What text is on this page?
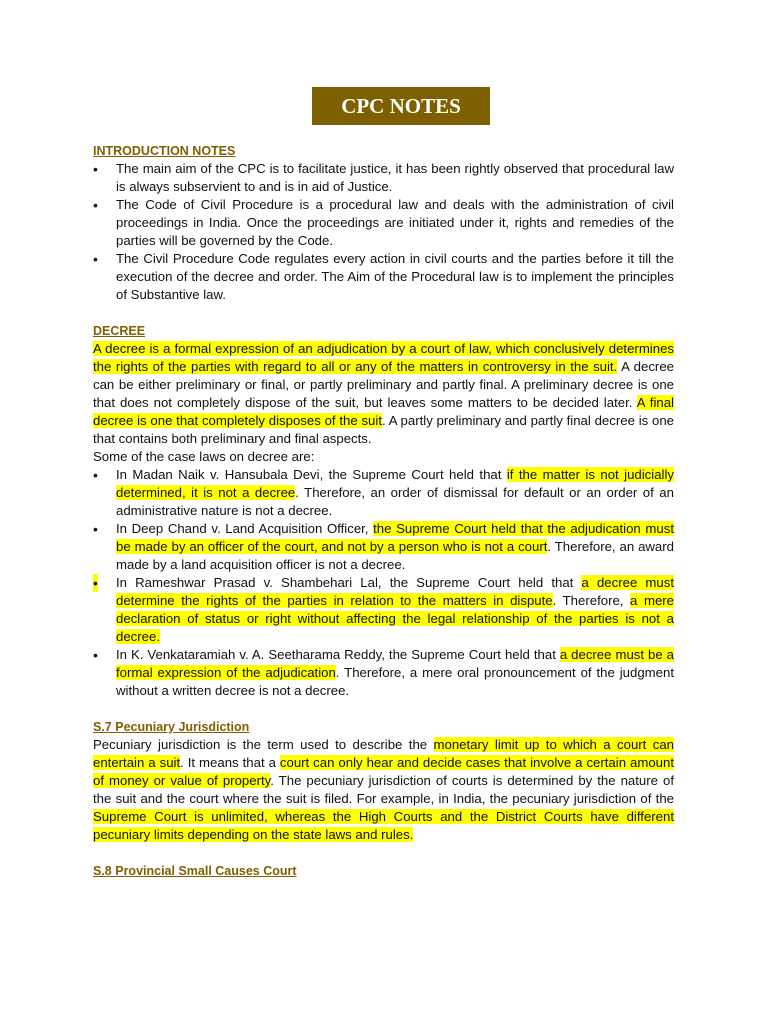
CPC NOTES
INTRODUCTION NOTES
• The main aim of the CPC is to facilitate justice, it has been rightly observed that procedural law is always subservient to and is in aid of Justice.
• The Code of Civil Procedure is a procedural law and deals with the administration of civil proceedings in India. Once the proceedings are initiated under it, rights and remedies of the parties will be governed by the Code.
• The Civil Procedure Code regulates every action in civil courts and the parties before it till the execution of the decree and order. The Aim of the Procedural law is to implement the principles of Substantive law.
DECREE

A decree is a formal expression of an adjudication by a court of law, which conclusively determines the rights of the parties with regard to all or any of the matters in controversy in the suit. A decree can be either preliminary or final, or partly preliminary and partly final. A preliminary decree is one that does not completely dispose of the suit, but leaves some matters to be decided later. A final decree is one that completely disposes of the suit. A partly preliminary and partly final decree is one that contains both preliminary and final aspects.

Some of the case laws on decree are:

• In Madan Naik v. Hansubala Devi, the Supreme Court held that if the matter is not judicially determined, it is not a decree. Therefore, an order of dismissal for default or an order of an administrative nature is not a decree.
• In Deep Chand v. Land Acquisition Officer, the Supreme Court held that the adjudication must be made by an officer of the court, and not by a person who is not a court. Therefore, an award made by a land acquisition officer is not a decree.
• In Rameshwar Prasad v. Shambehari Lal, the Supreme Court held that a decree must determine the rights of the parties in relation to the matters in dispute. Therefore, a mere declaration of status or right without affecting the legal relationship of the parties is not a decree.
• In K. Venkataramiah v. A. Seetharama Reddy, the Supreme Court held that a decree must be a formal expression of the adjudication. Therefore, a mere oral pronouncement of the judgment without a written decree is not a decree.
S.7 Pecuniary Jurisdiction

Pecuniary jurisdiction is the term used to describe the monetary limit up to which a court can entertain a suit. It means that a court can only hear and decide cases that involve a certain amount of money or value of property. The pecuniary jurisdiction of courts is determined by the nature of the suit and the court where the suit is filed. For example, in India, the pecuniary jurisdiction of the Supreme Court is unlimited, whereas the High Courts and the District Courts have different pecuniary limits depending on the state laws and rules.

S.8 Provincial Small Causes Court
